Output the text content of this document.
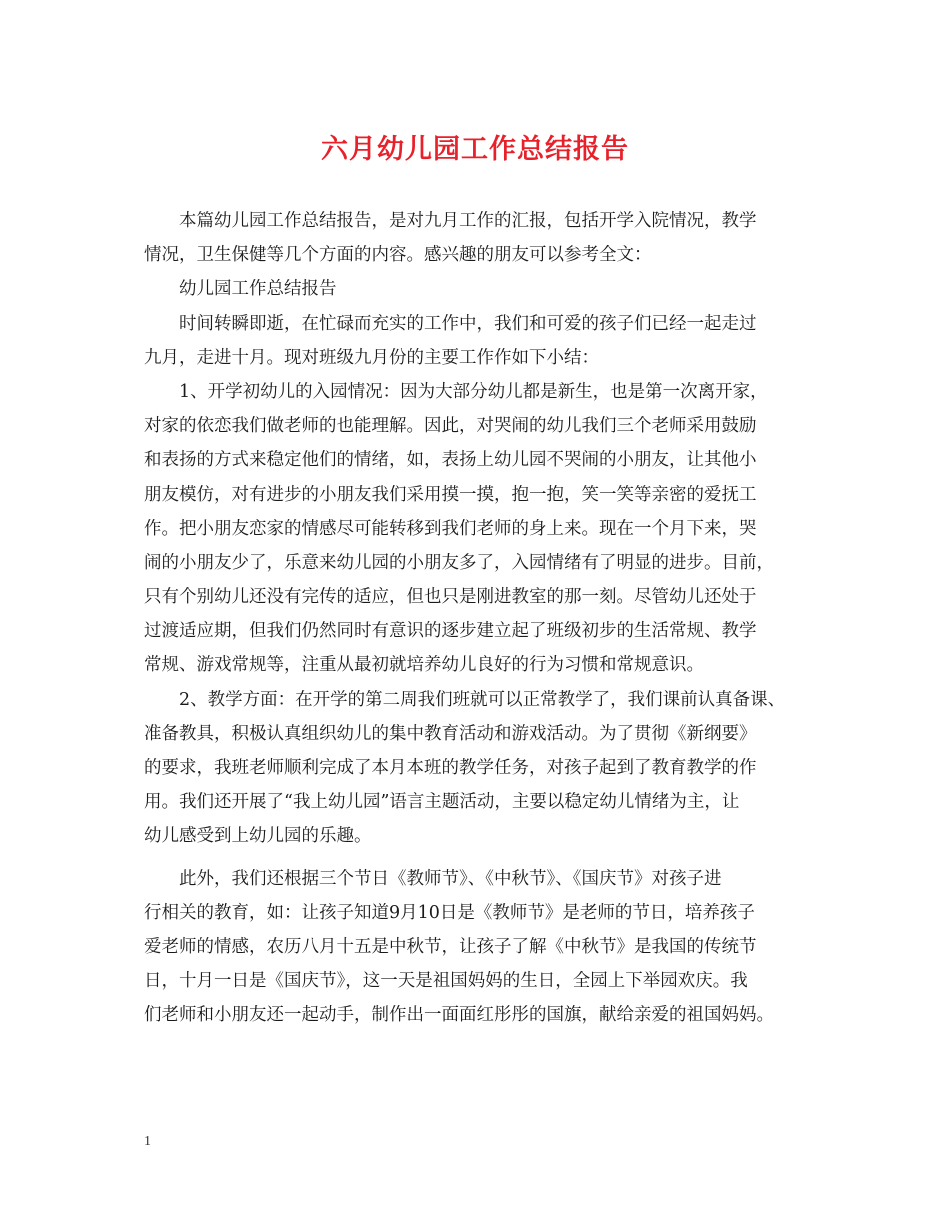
六月幼儿园工作总结报告
本篇幼儿园工作总结报告，是对九月工作的汇报，包括开学入院情况，教学
情况，卫生保健等几个方面的内容。感兴趣的朋友可以参考全文：
幼儿园工作总结报告
时间转瞬即逝，在忙碌而充实的工作中，我们和可爱的孩子们已经一起走过
九月，走进十月。现对班级九月份的主要工作作如下小结：
1、开学初幼儿的入园情况：因为大部分幼儿都是新生，也是第一次离开家，
对家的依恋我们做老师的也能理解。因此，对哭闹的幼儿我们三个老师采用鼓励
和表扬的方式来稳定他们的情绪，如，表扬上幼儿园不哭闹的小朋友，让其他小
朋友模仿，对有进步的小朋友我们采用摸一摸，抱一抱，笑一笑等亲密的爱抚工
作。把小朋友恋家的情感尽可能转移到我们老师的身上来。现在一个月下来，哭
闹的小朋友少了，乐意来幼儿园的小朋友多了，入园情绪有了明显的进步。目前，
只有个别幼儿还没有完传的适应，但也只是刚进教室的那一刻。尽管幼儿还处于
过渡适应期，但我们仍然同时有意识的逐步建立起了班级初步的生活常规、教学
常规、游戏常规等，注重从最初就培养幼儿良好的行为习惯和常规意识。
2、教学方面：在开学的第二周我们班就可以正常教学了，我们课前认真备课、
准备教具，积极认真组织幼儿的集中教育活动和游戏活动。为了贯彻《新纲要》
的要求，我班老师顺利完成了本月本班的教学任务，对孩子起到了教育教学的作
用。我们还开展了“我上幼儿园”语言主题活动，主要以稳定幼儿情绪为主，让
幼儿感受到上幼儿园的乐趣。
此外，我们还根据三个节日《教师节》、《中秋节》、《国庆节》对孩子进
行相关的教育，如：让孩子知道9月10日是《教师节》是老师的节日，培养孩子
爱老师的情感，农历八月十五是中秋节，让孩子了解《中秋节》是我国的传统节
日，十月一日是《国庆节》，这一天是祖国妈妈的生日，全园上下举园欢庆。我
们老师和小朋友还一起动手，制作出一面面红彤彤的国旗，献给亲爱的祖国妈妈。
1
